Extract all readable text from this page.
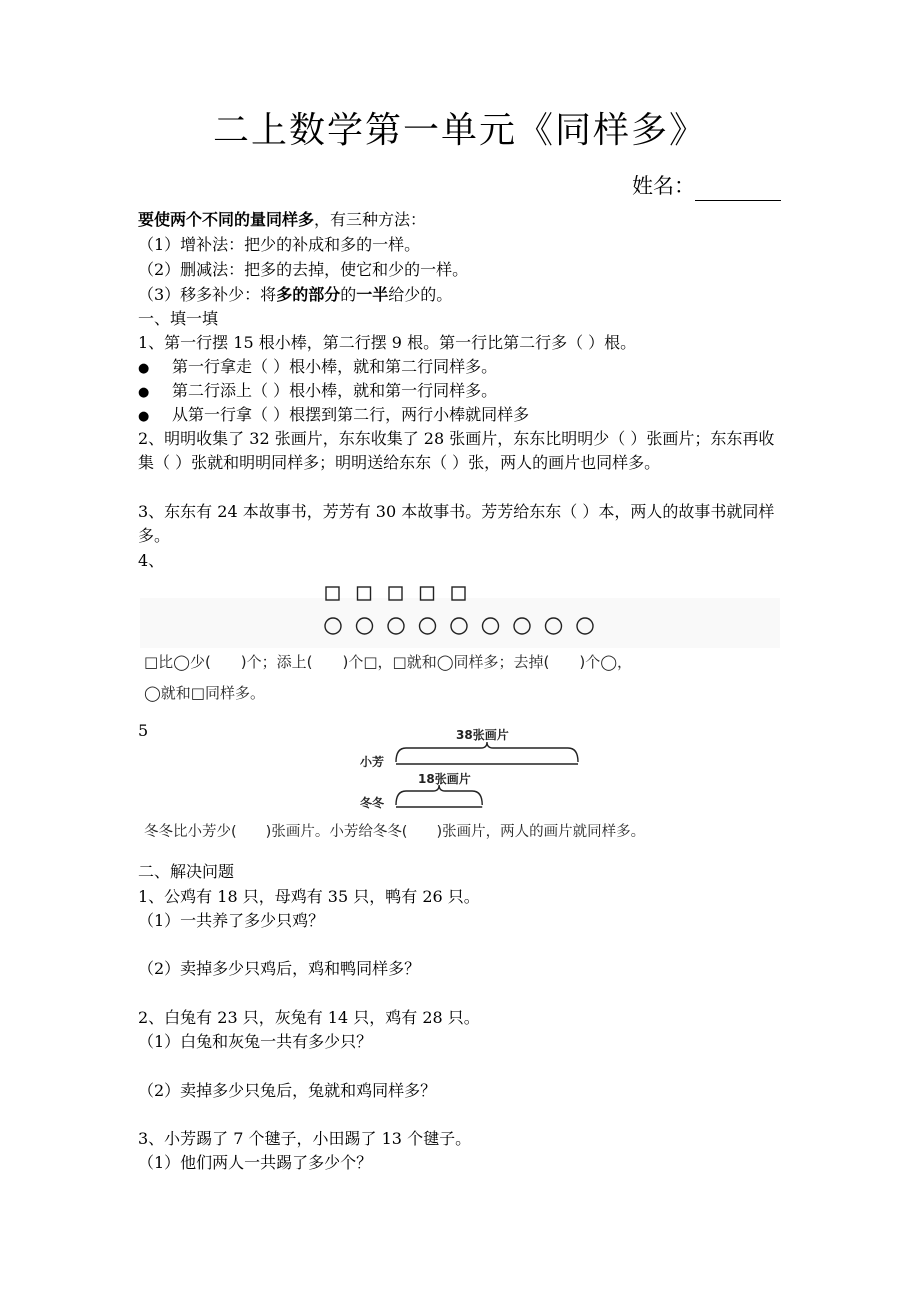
二上数学第一单元《同样多》
姓名：
要使两个不同的量同样多，有三种方法：
（1）增补法：把少的补成和多的一样。
（2）删减法：把多的去掉，使它和少的一样。
（3）移多补少：将多的部分的一半给少的。
一、填一填
1、第一行摆 15 根小棒，第二行摆 9 根。第一行比第二行多（ ）根。
●第一行拿走（ ）根小棒，就和第二行同样多。
●第二行添上（ ）根小棒，就和第一行同样多。
●从第一行拿（ ）根摆到第二行，两行小棒就同样多
2、明明收集了 32 张画片，东东收集了 28 张画片，东东比明明少（ ）张画片；东东再收集（ ）张就和明明同样多；明明送给东东（ ）张，两人的画片也同样多。
3、东东有 24 本故事书，芳芳有 30 本故事书。芳芳给东东（ ）本，两人的故事书就同样多。
4、
□比◯少(　　)个；添上(　　)个□，□就和◯同样多；去掉(　　)个◯，
◯就和□同样多。
5	38张画片
小芳
18张画片
冬冬
冬冬比小芳少(　　)张画片。小芳给冬冬(　　)张画片，两人的画片就同样多。
二、解决问题
1、公鸡有 18 只，母鸡有 35 只，鸭有 26 只。
（1）一共养了多少只鸡？
（2）卖掉多少只鸡后，鸡和鸭同样多？
2、白兔有 23 只，灰兔有 14 只，鸡有 28 只。
（1）白兔和灰兔一共有多少只？
（2）卖掉多少只兔后，兔就和鸡同样多？
3、小芳踢了 7 个毽子，小田踢了 13 个毽子。
（1）他们两人一共踢了多少个？
